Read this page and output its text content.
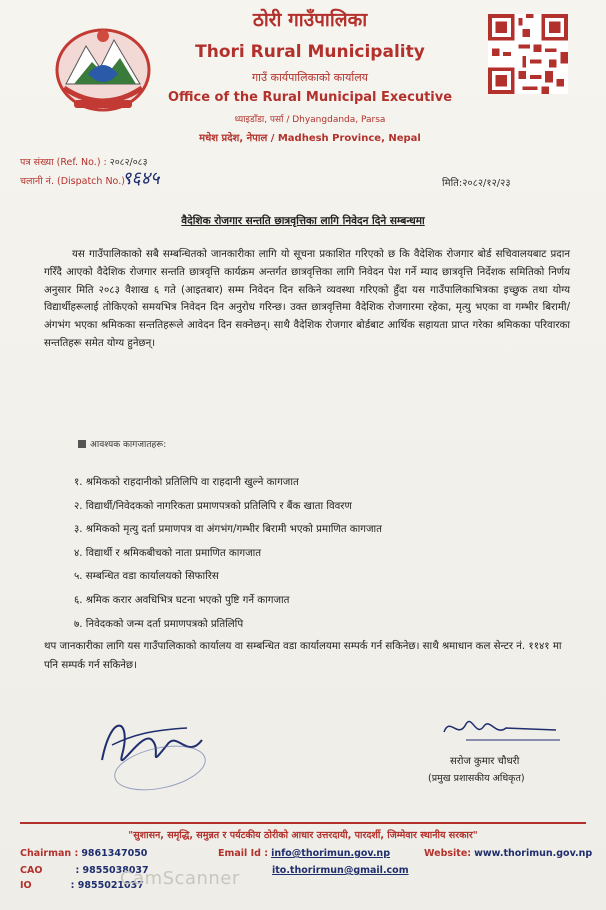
ठोरी गाउँपालिका
Thori Rural Municipality
गाउँ कार्यपालिकाको कार्यालय
Office of the Rural Municipal Executive
ध्याइडाँडा, पर्सा / Dhyangdanda, Parsa
मधेश प्रदेश, नेपाल / Madhesh Province, Nepal
पत्र संख्या (Ref. No.) : २०८२/०८३
चलानी नं. (Dispatch No.) :
९६४५	मिति:२०८२/१२/२३
वैदेशिक रोजगार सन्तति छात्रवृत्तिका लागि निवेदन दिने सम्बन्धमा

यस गाउँपालिकाको सबै सम्बन्धितको जानकारीका लागि यो सूचना प्रकाशित गरिएको छ कि वैदेशिक रोजगार बोर्ड सचिवालयबाट प्रदान गरिँदै आएको वैदेशिक रोजगार सन्तति छात्रवृत्ति कार्यक्रम अन्तर्गत छात्रवृत्तिका लागि निवेदन पेश गर्ने म्याद छात्रवृत्ति निर्देशक समितिको निर्णय अनुसार मिति २०८३ वैशाख ६ गते (आइतबार) सम्म निवेदन दिन सकिने व्यवस्था गरिएको हुँदा यस गाउँपालिकाभित्रका इच्छुक तथा योग्य विद्यार्थीहरूलाई तोकिएको समयभित्र निवेदन दिन अनुरोध गरिन्छ। उक्त छात्रवृत्तिमा वैदेशिक रोजगारमा रहेका, मृत्यु भएका वा गम्भीर बिरामी/अंगभंग भएका श्रमिकका सन्ततिहरूले आवेदन दिन सक्नेछन्। साथै वैदेशिक रोजगार बोर्डबाट आर्थिक सहायता प्राप्त गरेका श्रमिकका परिवारका सन्ततिहरू समेत योग्य हुनेछन्।

आवश्यक कागजातहरू:
१. श्रमिकको राहदानीको प्रतिलिपि वा राहदानी खुल्ने कागजात
२. विद्यार्थी/निवेदकको नागरिकता प्रमाणपत्रको प्रतिलिपि र बैंक खाता विवरण
३. श्रमिकको मृत्यु दर्ता प्रमाणपत्र वा अंगभंग/गम्भीर बिरामी भएको प्रमाणित कागजात
४. विद्यार्थी र श्रमिकबीचको नाता प्रमाणित कागजात
५. सम्बन्धित वडा कार्यालयको सिफारिस
६. श्रमिक करार अवधिभित्र घटना भएको पुष्टि गर्ने कागजात
७. निवेदकको जन्म दर्ता प्रमाणपत्रको प्रतिलिपि
थप जानकारीका लागि यस गाउँपालिकाको कार्यालय वा सम्बन्धित वडा कार्यालयमा सम्पर्क गर्न सकिनेछ। साथै श्रमाधान कल सेन्टर नं. ११४१ मा पनि सम्पर्क गर्न सकिनेछ।
सरोज कुमार चौधरी
(प्रमुख प्रशासकीय अधिकृत)
"सुशासन, समृद्धि, समुन्नत र पर्यटकीय ठोरीको आधार उत्तरदायी, पारदर्शी, जिम्मेवार स्थानीय सरकार"
Chairman : 9861347050
CAO	: 9855038037
IO	: 9855021037
Email Id : info@thorimun.gov.np
ito.thorirmun@gmail.com
Website: www.thorimun.gov.np
CamScanner
